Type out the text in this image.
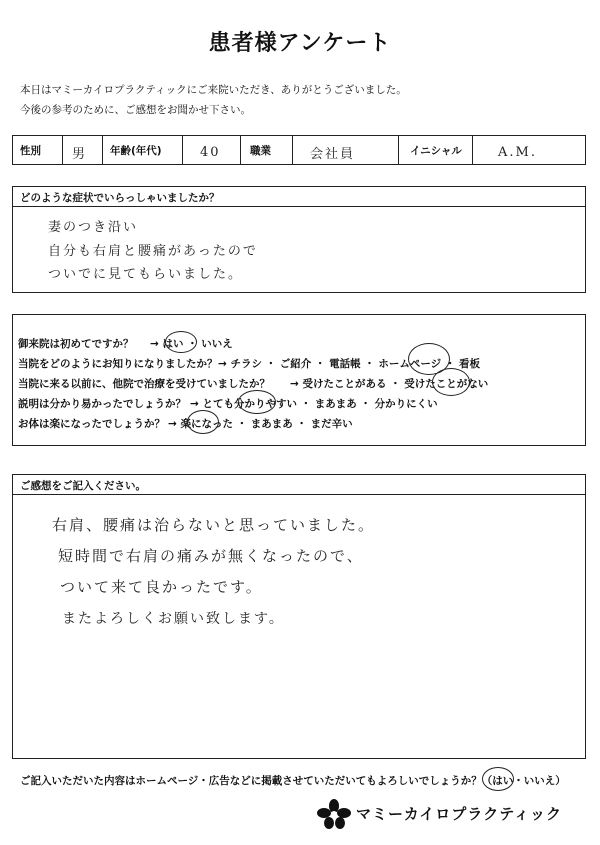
患者様アンケート
本日はマミーカイロプラクティックにご来院いただき、ありがとうございました。
今後の参考のために、ご感想をお聞かせ下さい。
性別 男 年齢(年代)	40	職業	会社員	イニシャル	A.M.
どのような症状でいらっしゃいましたか？
妻のつき沿い
自分も右肩と腰痛があったので
ついでに見てもらいました。
御来院は初めてですか？ → はい ・ いいえ
当院をどのようにお知りになりましたか？ → チラシ ・ ご紹介 ・ 電話帳 ・ ホームページ ・ 看板
当院に来る以前に、他院で治療を受けていましたか？ → 受けたことがある ・ 受けたことがない
説明は分かり易かったでしょうか？ → とても分かりやすい ・ まあまあ ・ 分かりにくい
お体は楽になったでしょうか？ → 楽になった ・ まあまあ ・ まだ辛い
ご感想をご記入ください。
右肩、腰痛は治らないと思っていました。
短時間で右肩の痛みが無くなったので、
ついて来て良かったです。
またよろしくお願い致します。
ご記入いただいた内容はホームページ・広告などに掲載させていただいてもよろしいでしょうか？（はい・いいえ）
マミーカイロプラクティック
